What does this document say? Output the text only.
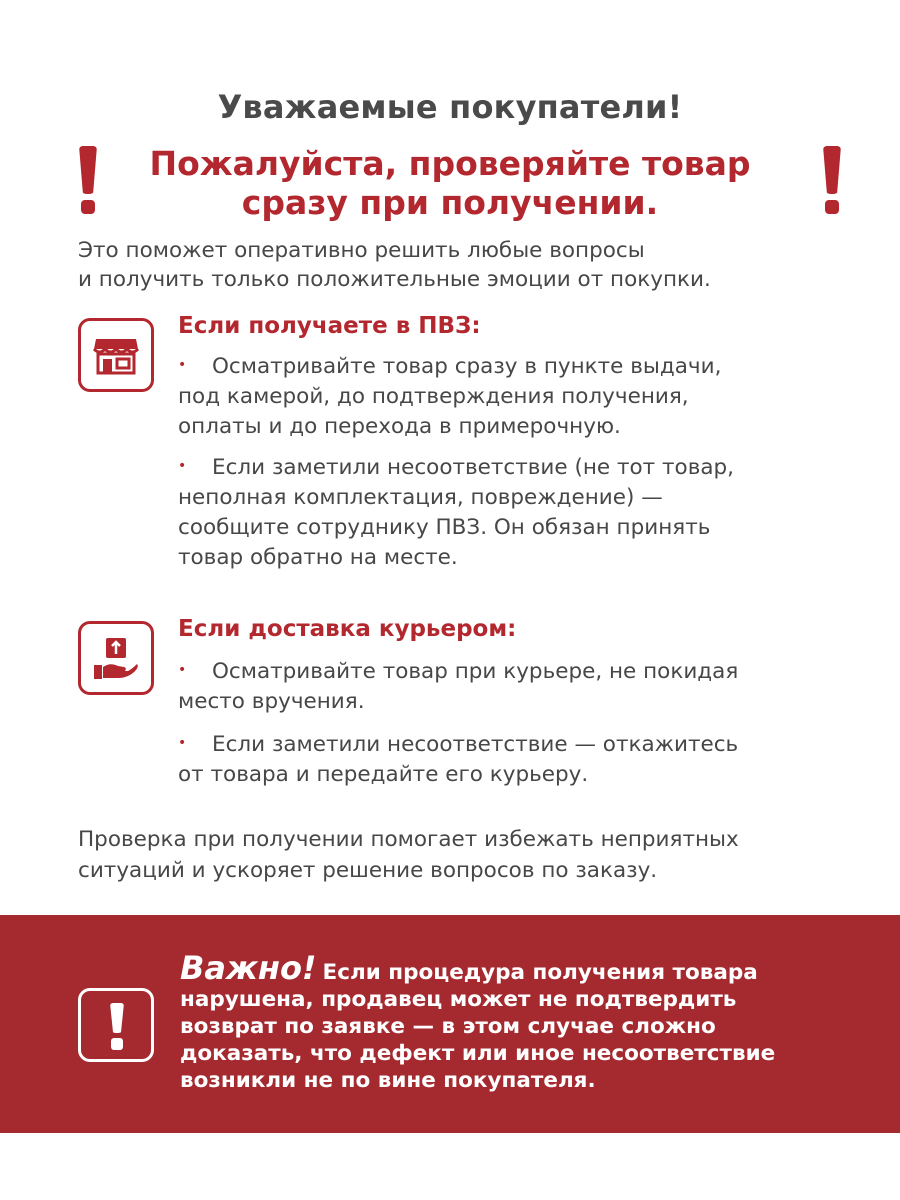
Уважаемые покупатели!
Пожалуйста, проверяйте товар
сразу при получении.
Это поможет оперативно решить любые вопросы
и получить только положительные эмоции от покупки.
Если получаете в ПВЗ:
• Осматривайте товар сразу в пункте выдачи,
под камерой, до подтверждения получения,
оплаты и до перехода в примерочную.
• Если заметили несоответствие (не тот товар,
неполная комплектация, повреждение) —
сообщите сотруднику ПВЗ. Он обязан принять
товар обратно на месте.
Если доставка курьером:
• Осматривайте товар при курьере, не покидая
место вручения.
• Если заметили несоответствие — откажитесь
от товара и передайте его курьеру.
Проверка при получении помогает избежать неприятных
ситуаций и ускоряет решение вопросов по заказу.
Важно! Если процедура получения товара
нарушена, продавец может не подтвердить
возврат по заявке — в этом случае сложно
доказать, что дефект или иное несоответствие
возникли не по вине покупателя.
